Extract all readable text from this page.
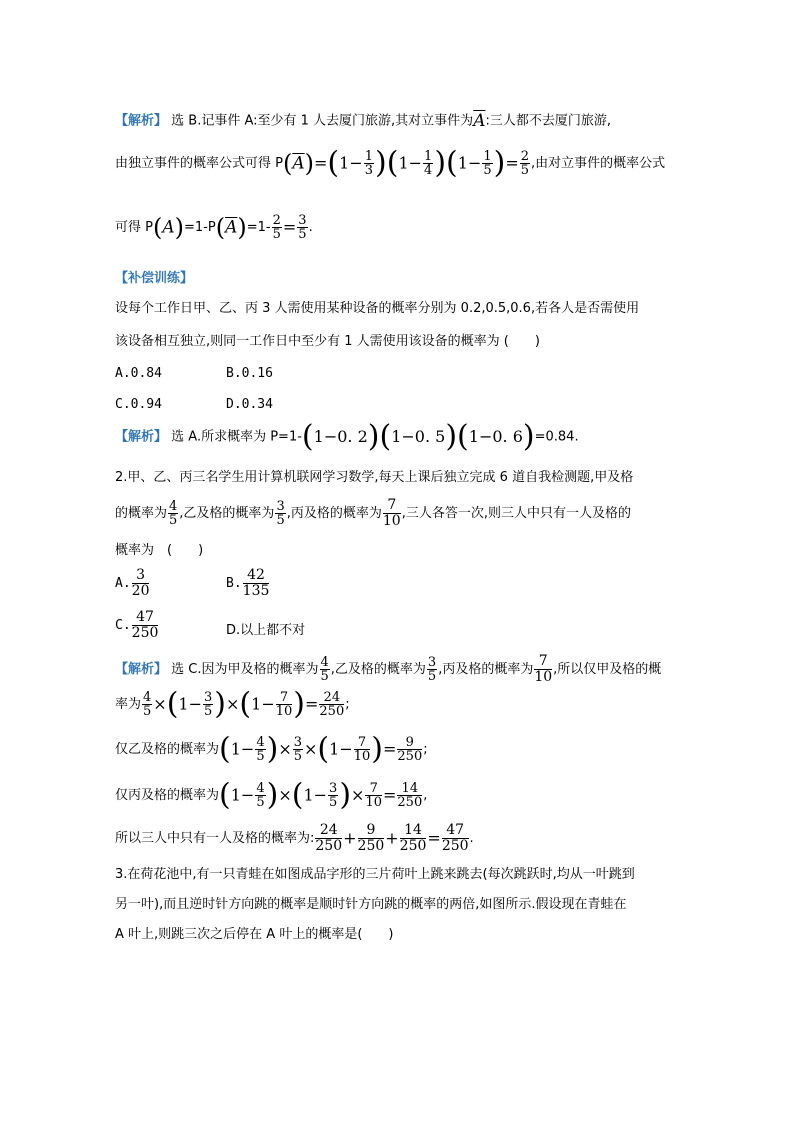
【解析】 选 B.记事件 A:至少有 1 人去厦门旅游,其对立事件为$\overline{A}$:三人都不去厦门旅游,
由独立事件的概率公式可得 $P(\overline{A})=(1- \frac{1}{3} )(1- \frac{1}{4} )(1- \frac{1}{5}$ )= $\frac{2}{5}$ ,由对立事件的概率公式
可得 $P(A)=1-P(\overline{A})=1- \frac{2}{5} = \frac{3}{5}$ .
【补偿训练】
设每个工作日甲、乙、丙 3 人需使用某种设备的概率分别为 0.2,0.5,0.6,若各人是否需使用
该设备相互独立,则同一工作日中至少有 1 人需使用该设备的概率为 (　　)
A.0.84	B.0.16
C.0.94	D.0.34
【解析】 选 A.所求概率为 P=1-(1−0. 2)(1−0. 5)(1−0. 6)=0.84.
2.甲、乙、丙三名学生用计算机联网学习数学,每天上课后独立完成 6 道自我检测题,甲及格
的概率为 $\frac{4}{5}$ ,乙及格的概率为 $\frac{3}{5}$ ,丙及格的概率为 $\frac{7}{10}$ ,三人各答一次,则三人中只有一人及格的
概率为　(　　)
A. $\frac{3}{20}$	B. $\frac{42}{135}$
C. $\frac{47}{250}$	D.以上都不对
【解析】 选 C.因为甲及格的概率为 $\frac{4}{5}$ ,乙及格的概率为 $\frac{3}{5}$ ,丙及格的概率为 $\frac{7}{10}$ ,所以仅甲及格的概
率为 $\frac{4}{5} \times(1- \frac{3}{5} )\times(1- \frac{7}{10}$ )= $\frac{24}{250}$ ;
仅乙及格的概率为($1- \frac{4}{5}$ )× $\frac{3}{5} \times(1- \frac{7}{10}$ )= $\frac{9}{250}$ ;
仅丙及格的概率为$(1- \frac{4}{5} )\times(1- \frac{3}{5}$ )× $\frac{7}{10} = \frac{14}{250}$ ,
所以三人中只有一人及格的概率为: $\frac{24}{250} + \frac{9}{250} + \frac{14}{250} = \frac{47}{250}$ .
3.在荷花池中,有一只青蛙在如图成品字形的三片荷叶上跳来跳去(每次跳跃时,均从一叶跳到
另一叶),而且逆时针方向跳的概率是顺时针方向跳的概率的两倍,如图所示.假设现在青蛙在
A 叶上,则跳三次之后停在 A 叶上的概率是(　　)
